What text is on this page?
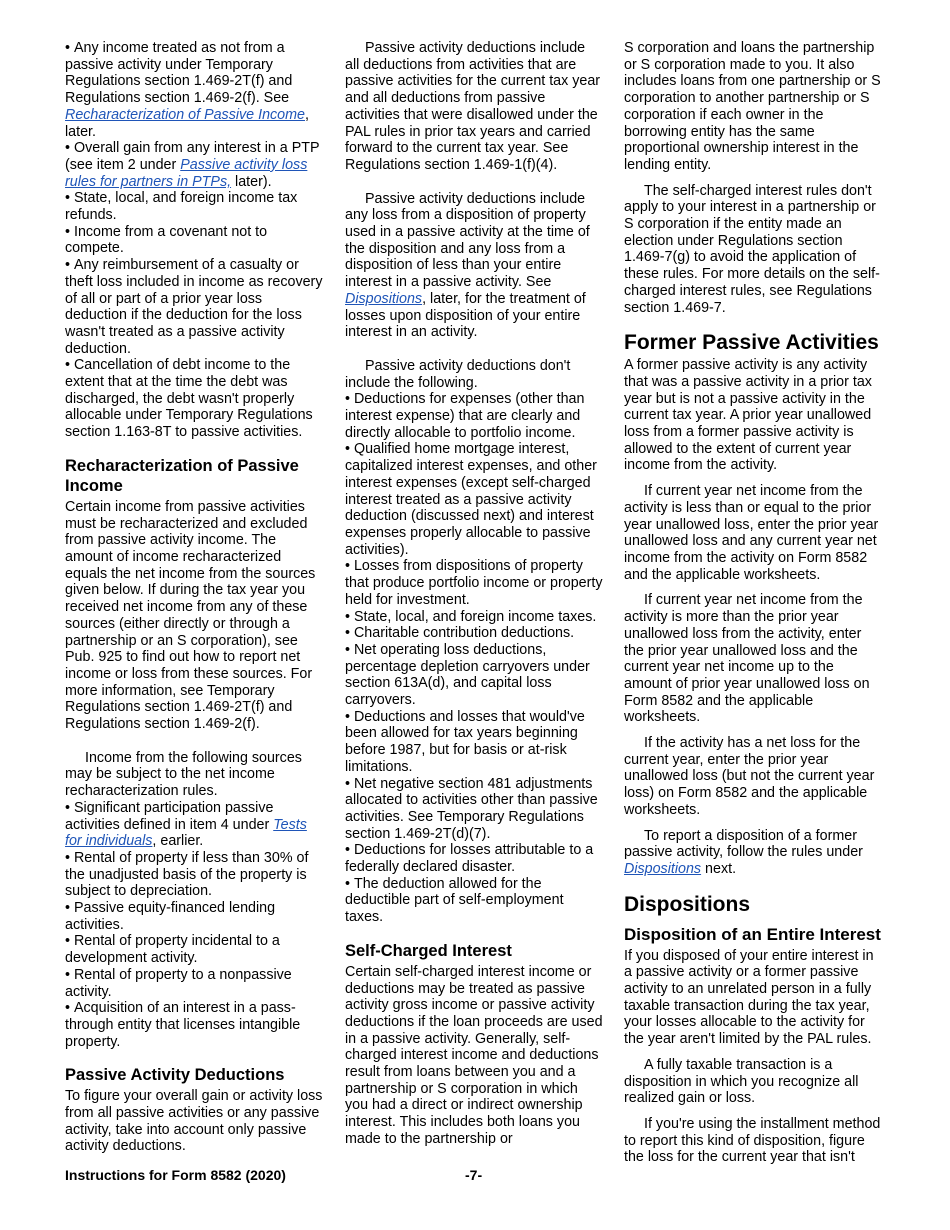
• Any income treated as not from a passive activity under Temporary Regulations section 1.469-2T(f) and Regulations section 1.469-2(f). See Recharacterization of Passive Income, later.

• Overall gain from any interest in a PTP (see item 2 under Passive activity loss rules for partners in PTPs, later).

• State, local, and foreign income tax refunds.

• Income from a covenant not to compete.

• Any reimbursement of a casualty or theft loss included in income as recovery of all or part of a prior year loss deduction if the deduction for the loss wasn't treated as a passive activity deduction.

• Cancellation of debt income to the extent that at the time the debt was discharged, the debt wasn't properly allocable under Temporary Regulations section 1.163-8T to passive activities.

Recharacterization of Passive Income

Certain income from passive activities must be recharacterized and excluded from passive activity income. The amount of income recharacterized equals the net income from the sources given below. If during the tax year you received net income from any of these sources (either directly or through a partnership or an S corporation), see Pub. 925 to find out how to report net income or loss from these sources. For more information, see Temporary Regulations section 1.469-2T(f) and Regulations section 1.469-2(f).

Income from the following sources may be subject to the net income recharacterization rules.

• Significant participation passive activities defined in item 4 under Tests for individuals, earlier.

• Rental of property if less than 30% of the unadjusted basis of the property is subject to depreciation.

• Passive equity-financed lending activities.

• Rental of property incidental to a development activity.

• Rental of property to a nonpassive activity.

• Acquisition of an interest in a pass-through entity that licenses intangible property.

Passive Activity Deductions

To figure your overall gain or activity loss from all passive activities or any passive activity, take into account only passive activity deductions.

Passive activity deductions include all deductions from activities that are passive activities for the current tax year and all deductions from passive activities that were disallowed under the PAL rules in prior tax years and carried forward to the current tax year. See Regulations section 1.469-1(f)(4).

Passive activity deductions include any loss from a disposition of property used in a passive activity at the time of the disposition and any loss from a disposition of less than your entire interest in a passive activity. See Dispositions, later, for the treatment of losses upon disposition of your entire interest in an activity.

Passive activity deductions don't include the following.

• Deductions for expenses (other than interest expense) that are clearly and directly allocable to portfolio income.

• Qualified home mortgage interest, capitalized interest expenses, and other interest expenses (except self-charged interest treated as a passive activity deduction (discussed next) and interest expenses properly allocable to passive activities).

• Losses from dispositions of property that produce portfolio income or property held for investment.

• State, local, and foreign income taxes.

• Charitable contribution deductions.

• Net operating loss deductions, percentage depletion carryovers under section 613A(d), and capital loss carryovers.

• Deductions and losses that would've been allowed for tax years beginning before 1987, but for basis or at-risk limitations.

• Net negative section 481 adjustments allocated to activities other than passive activities. See Temporary Regulations section 1.469-2T(d)(7).

• Deductions for losses attributable to a federally declared disaster.

• The deduction allowed for the deductible part of self-employment taxes.

Self-Charged Interest

Certain self-charged interest income or deductions may be treated as passive activity gross income or passive activity deductions if the loan proceeds are used in a passive activity. Generally, self-charged interest income and deductions result from loans between you and a partnership or S corporation in which you had a direct or indirect ownership interest. This includes both loans you made to the partnership or

S corporation and loans the partnership or S corporation made to you. It also includes loans from one partnership or S corporation to another partnership or S corporation if each owner in the borrowing entity has the same proportional ownership interest in the lending entity.

The self-charged interest rules don't apply to your interest in a partnership or S corporation if the entity made an election under Regulations section 1.469-7(g) to avoid the application of these rules. For more details on the self-charged interest rules, see Regulations section 1.469-7.

Former Passive Activities

A former passive activity is any activity that was a passive activity in a prior tax year but is not a passive activity in the current tax year. A prior year unallowed loss from a former passive activity is allowed to the extent of current year income from the activity.

If current year net income from the activity is less than or equal to the prior year unallowed loss, enter the prior year unallowed loss and any current year net income from the activity on Form 8582 and the applicable worksheets.

If current year net income from the activity is more than the prior year unallowed loss from the activity, enter the prior year unallowed loss and the current year net income up to the amount of prior year unallowed loss on Form 8582 and the applicable worksheets.

If the activity has a net loss for the current year, enter the prior year unallowed loss (but not the current year loss) on Form 8582 and the applicable worksheets.

To report a disposition of a former passive activity, follow the rules under Dispositions next.

Dispositions
Disposition of an Entire Interest

If you disposed of your entire interest in a passive activity or a former passive activity to an unrelated person in a fully taxable transaction during the tax year, your losses allocable to the activity for the year aren't limited by the PAL rules.

A fully taxable transaction is a disposition in which you recognize all realized gain or loss.

If you're using the installment method to report this kind of disposition, figure the loss for the current year that isn't

Instructions for Form 8582 (2020)	-7-
